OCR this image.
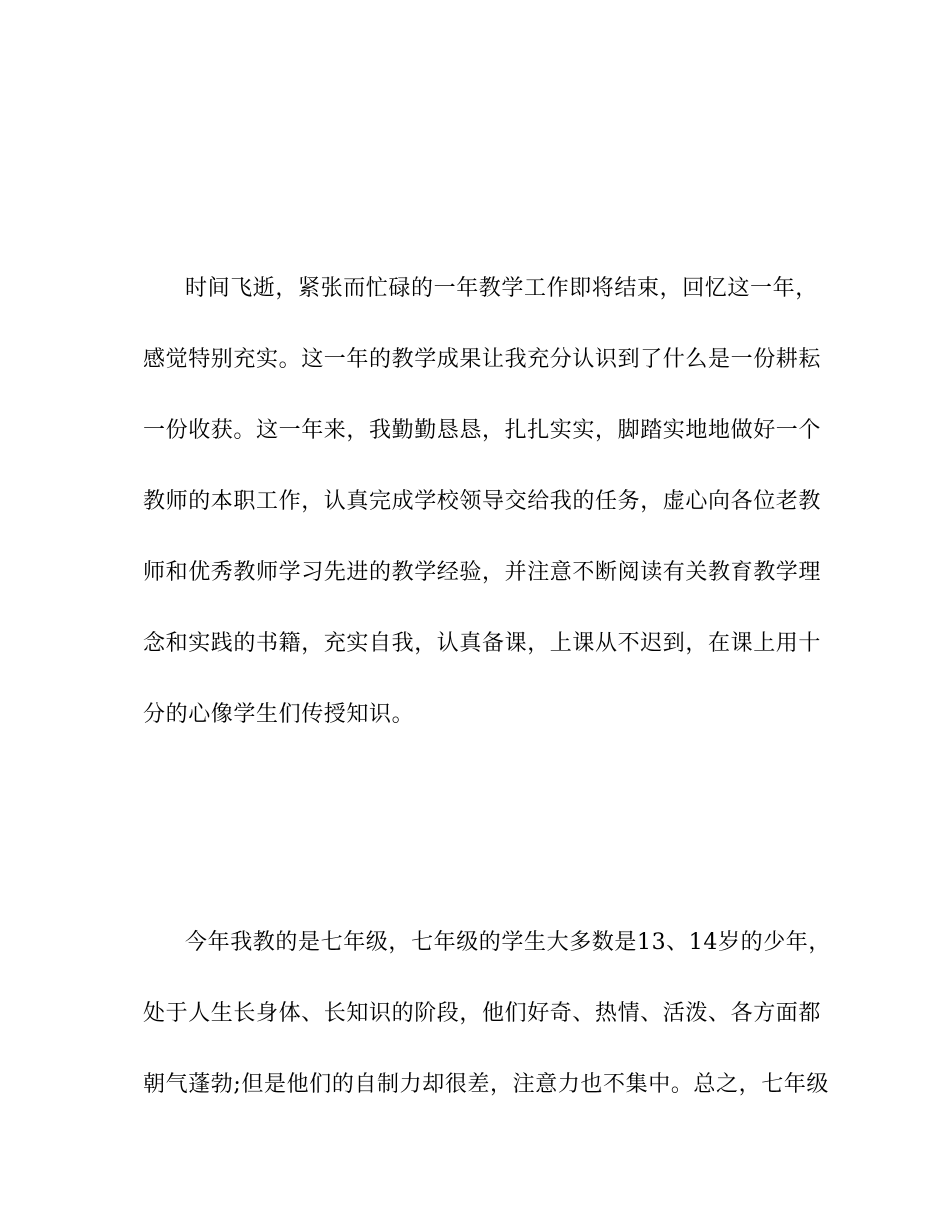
时间飞逝，紧张而忙碌的一年教学工作即将结束，回忆这一年，
感觉特别充实。这一年的教学成果让我充分认识到了什么是一份耕耘
一份收获。这一年来，我勤勤恳恳，扎扎实实，脚踏实地地做好一个
教师的本职工作，认真完成学校领导交给我的任务，虚心向各位老教
师和优秀教师学习先进的教学经验，并注意不断阅读有关教育教学理
念和实践的书籍，充实自我，认真备课，上课从不迟到，在课上用十
分的心像学生们传授知识。
今年我教的是七年级，七年级的学生大多数是13、14岁的少年，
处于人生长身体、长知识的阶段，他们好奇、热情、活泼、各方面都
朝气蓬勃;但是他们的自制力却很差，注意力也不集中。总之，七年级
